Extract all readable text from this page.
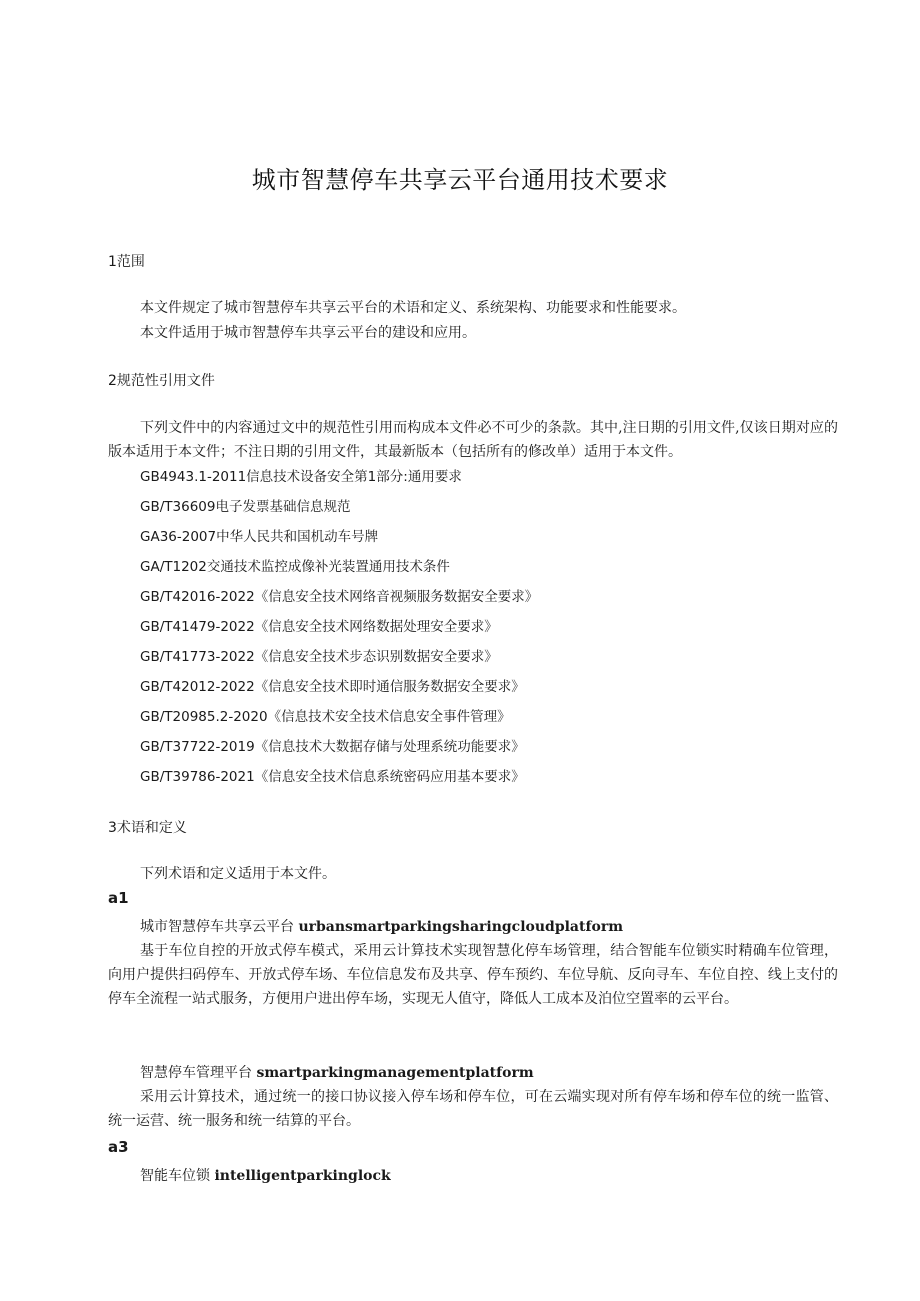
城市智慧停车共享云平台通用技术要求
1范围
本文件规定了城市智慧停车共享云平台的术语和定义、系统架构、功能要求和性能要求。
本文件适用于城市智慧停车共享云平台的建设和应用。
2规范性引用文件
下列文件中的内容通过文中的规范性引用而构成本文件必不可少的条款。其中,注日期的引用文件,仅该日期对应的版本适用于本文件；不注日期的引用文件，其最新版本（包括所有的修改单）适用于本文件。
GB4943.1-2011信息技术设备安全第1部分:通用要求
GB/T36609电子发票基础信息规范
GA36-2007中华人民共和国机动车号牌
GA/T1202交通技术监控成像补光装置通用技术条件
GB/T42016-2022《信息安全技术网络音视频服务数据安全要求》
GB/T41479-2022《信息安全技术网络数据处理安全要求》
GB/T41773-2022《信息安全技术步态识别数据安全要求》
GB/T42012-2022《信息安全技术即时通信服务数据安全要求》
GB/T20985.2-2020《信息技术安全技术信息安全事件管理》
GB/T37722-2019《信息技术大数据存储与处理系统功能要求》
GB/T39786-2021《信息安全技术信息系统密码应用基本要求》
3术语和定义
下列术语和定义适用于本文件。
a1
城市智慧停车共享云平台 urbansmartparkingsharingcloudplatform
基于车位自控的开放式停车模式，采用云计算技术实现智慧化停车场管理，结合智能车位锁实时精确车位管理，向用户提供扫码停车、开放式停车场、车位信息发布及共享、停车预约、车位导航、反向寻车、车位自控、线上支付的停车全流程一站式服务，方便用户进出停车场，实现无人值守，降低人工成本及泊位空置率的云平台。
智慧停车管理平台 smartparkingmanagementplatform
采用云计算技术，通过统一的接口协议接入停车场和停车位，可在云端实现对所有停车场和停车位的统一监管、统一运营、统一服务和统一结算的平台。
a3
智能车位锁 intelligentparkinglock
